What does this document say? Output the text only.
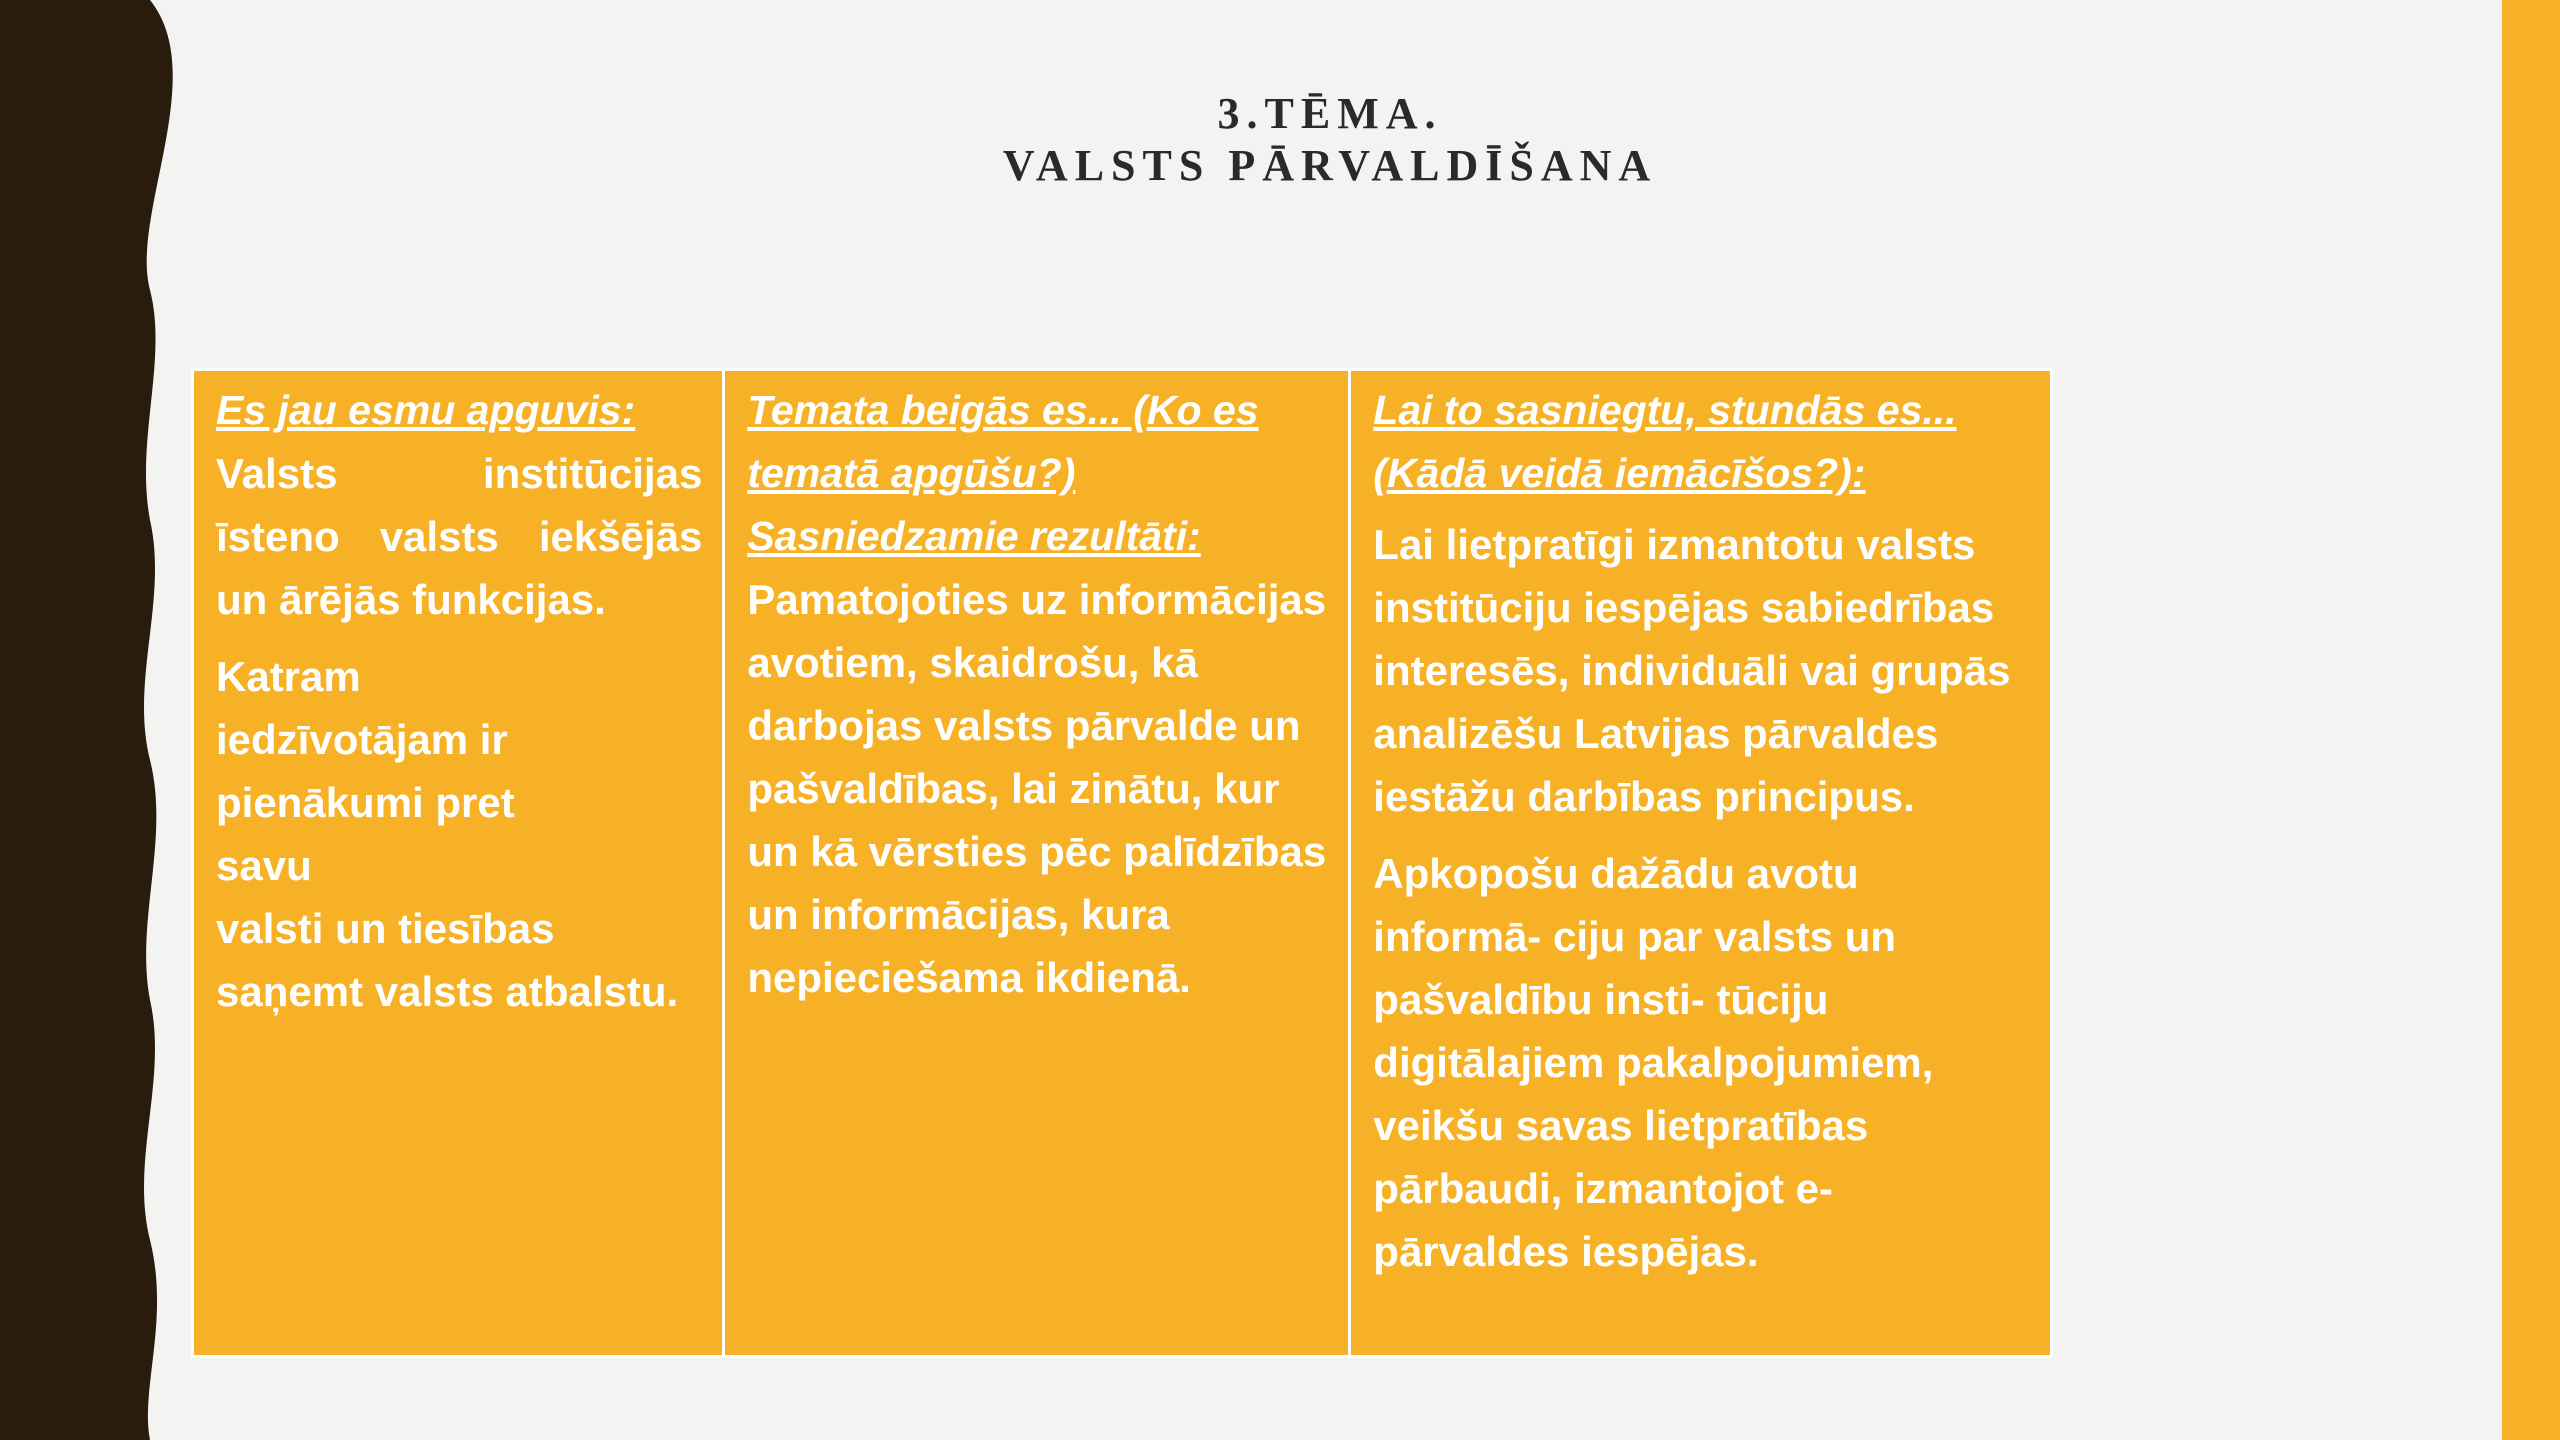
3.TĒMA.
VALSTS PĀRVALDĪŠANA

Es jau esmu apguvis:

Valsts institūcijas īsteno valsts iekšējās un ārējās funkcijas.

Katram

iedzīvotājam ir

pienākumi pret

savu

valsti un tiesības

saņemt valsts atbalstu.

Temata beigās es... (Ko es

tematā apgūšu?)

Sasniedzamie rezultāti:

Pamatojoties uz informācijas avotiem, skaidrošu, kā darbojas valsts pārvalde un pašvaldības, lai zinātu, kur un kā vērsties pēc palīdzības un informācijas, kura nepieciešama ikdienā.

Lai to sasniegtu, stundās es...

(Kādā veidā iemācīšos?):

Lai lietpratīgi izmantotu valsts institūciju iespējas sabiedrības interesēs, individuāli vai grupās analizēšu Latvijas pārvaldes iestāžu darbības principus.

Apkopošu dažādu avotu informā- ciju par valsts un pašvaldību insti- tūciju digitālajiem pakalpojumiem, veikšu savas lietpratības pārbaudi, izmantojot e- pārvaldes iespējas.
